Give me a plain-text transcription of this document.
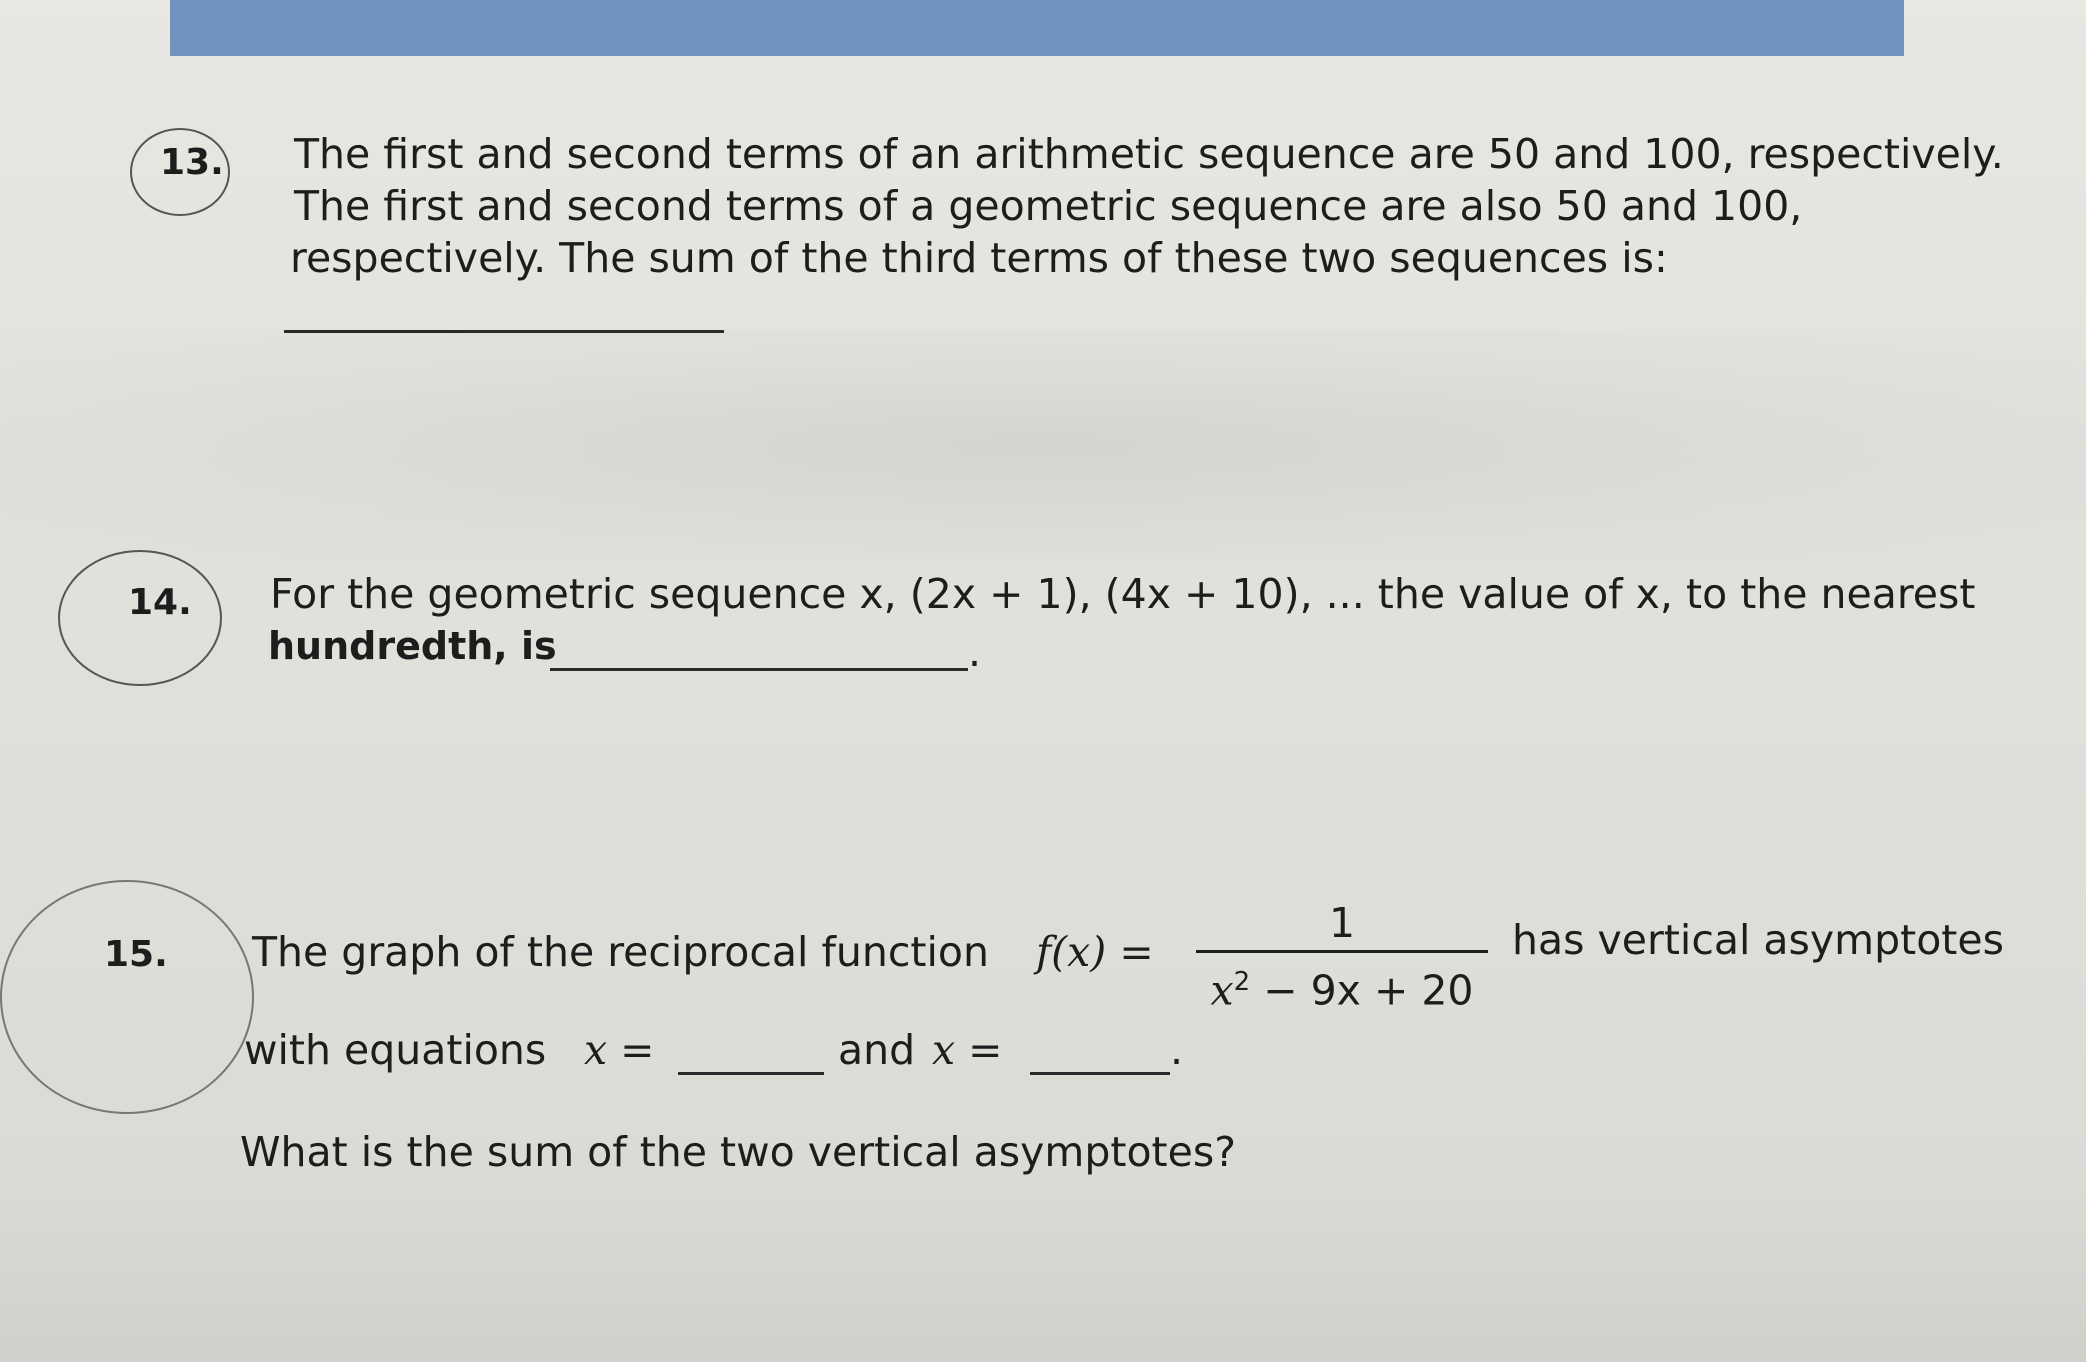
13. The first and second terms of an arithmetic sequence are 50 and 100, respectively.
The first and second terms of a geometric sequence are also 50 and 100,
respectively. The sum of the third terms of these two sequences is:
14. For the geometric sequence x, (2x + 1), (4x + 10), ... the value of x, to the nearest
hundredth, is	.
15. The graph of the reciprocal function f(x) =
1
$x^2 - 9x + 20$
has vertical asymptotes
with equations x =	and x =	.
What is the sum of the two vertical asymptotes?
